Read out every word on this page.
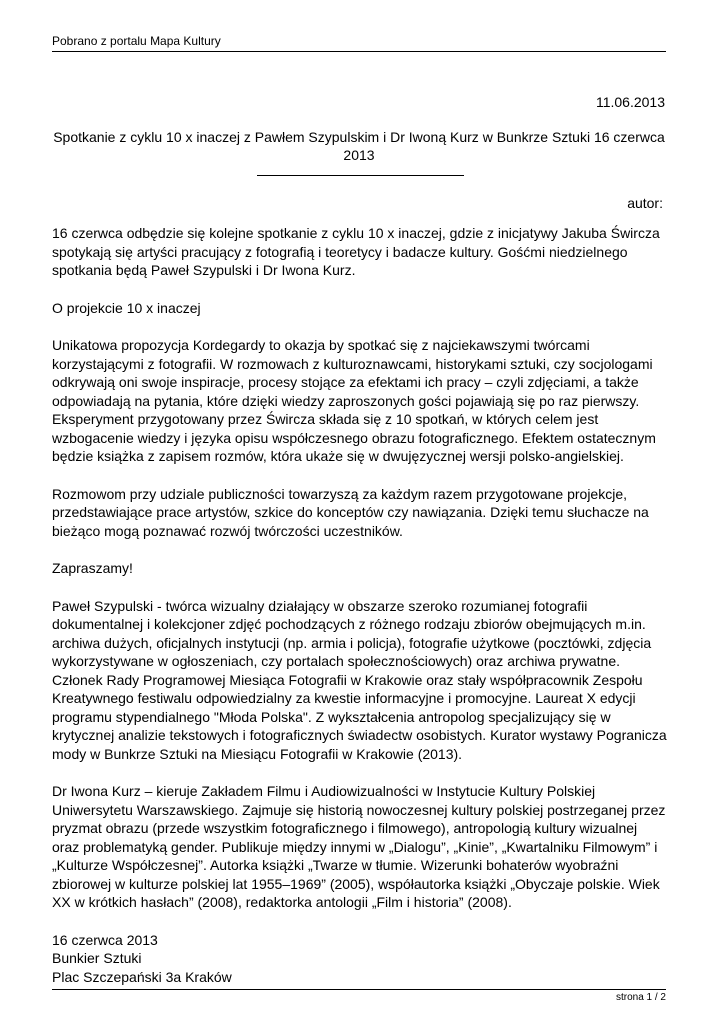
Pobrano z portalu Mapa Kultury
11.06.2013
Spotkanie z cyklu 10 x inaczej z Pawłem Szypulskim i Dr Iwoną Kurz w Bunkrze Sztuki 16 czerwca 2013
autor:

16 czerwca odbędzie się kolejne spotkanie z cyklu 10 x inaczej, gdzie z inicjatywy Jakuba Śwircza spotykają się artyści pracujący z fotografią i teoretycy i badacze kultury. Gośćmi niedzielnego spotkania będą Paweł Szypulski i Dr Iwona Kurz.

O projekcie 10 x inaczej

Unikatowa propozycja Kordegardy to okazja by spotkać się z najciekawszymi twórcami korzystającymi z fotografii. W rozmowach z kulturoznawcami, historykami sztuki, czy socjologami odkrywają oni swoje inspiracje, procesy stojące za efektami ich pracy – czyli zdjęciami, a także odpowiadają na pytania, które dzięki wiedzy zaproszonych gości pojawiają się po raz pierwszy. Eksperyment przygotowany przez Śwircza składa się z 10 spotkań, w których celem jest wzbogacenie wiedzy i języka opisu współczesnego obrazu fotograficznego. Efektem ostatecznym będzie książka z zapisem rozmów, która ukaże się w dwujęzycznej wersji polsko-angielskiej.

Rozmowom przy udziale publiczności towarzyszą za każdym razem przygotowane projekcje, przedstawiające prace artystów, szkice do konceptów czy nawiązania. Dzięki temu słuchacze na bieżąco mogą poznawać rozwój twórczości uczestników.

Zapraszamy!

Paweł Szypulski - twórca wizualny działający w obszarze szeroko rozumianej fotografii dokumentalnej i kolekcjoner zdjęć pochodzących z różnego rodzaju zbiorów obejmujących m.in. archiwa dużych, oficjalnych instytucji (np. armia i policja), fotografie użytkowe (pocztówki, zdjęcia wykorzystywane w ogłoszeniach, czy portalach społecznościowych) oraz archiwa prywatne. Członek Rady Programowej Miesiąca Fotografii w Krakowie oraz stały współpracownik Zespołu Kreatywnego festiwalu odpowiedzialny za kwestie informacyjne i promocyjne. Laureat X edycji programu stypendialnego "Młoda Polska". Z wykształcenia antropolog specjalizujący się w krytycznej analizie tekstowych i fotograficznych świadectw osobistych. Kurator wystawy Pogranicza mody w Bunkrze Sztuki na Miesiącu Fotografii w Krakowie (2013).

Dr Iwona Kurz – kieruje Zakładem Filmu i Audiowizualności w Instytucie Kultury Polskiej Uniwersytetu Warszawskiego. Zajmuje się historią nowoczesnej kultury polskiej postrzeganej przez pryzmat obrazu (przede wszystkim fotograficznego i filmowego), antropologią kultury wizualnej oraz problematyką gender. Publikuje między innymi w „Dialogu”, „Kinie”, „Kwartalniku Filmowym” i „Kulturze Współczesnej”. Autorka książki „Twarze w tłumie. Wizerunki bohaterów wyobraźni zbiorowej w kulturze polskiej lat 1955–1969” (2005), współautorka książki „Obyczaje polskie. Wiek XX w krótkich hasłach” (2008), redaktorka antologii „Film i historia” (2008).

16 czerwca 2013

Bunkier Sztuki

Plac Szczepański 3a Kraków

strona 1 / 2
